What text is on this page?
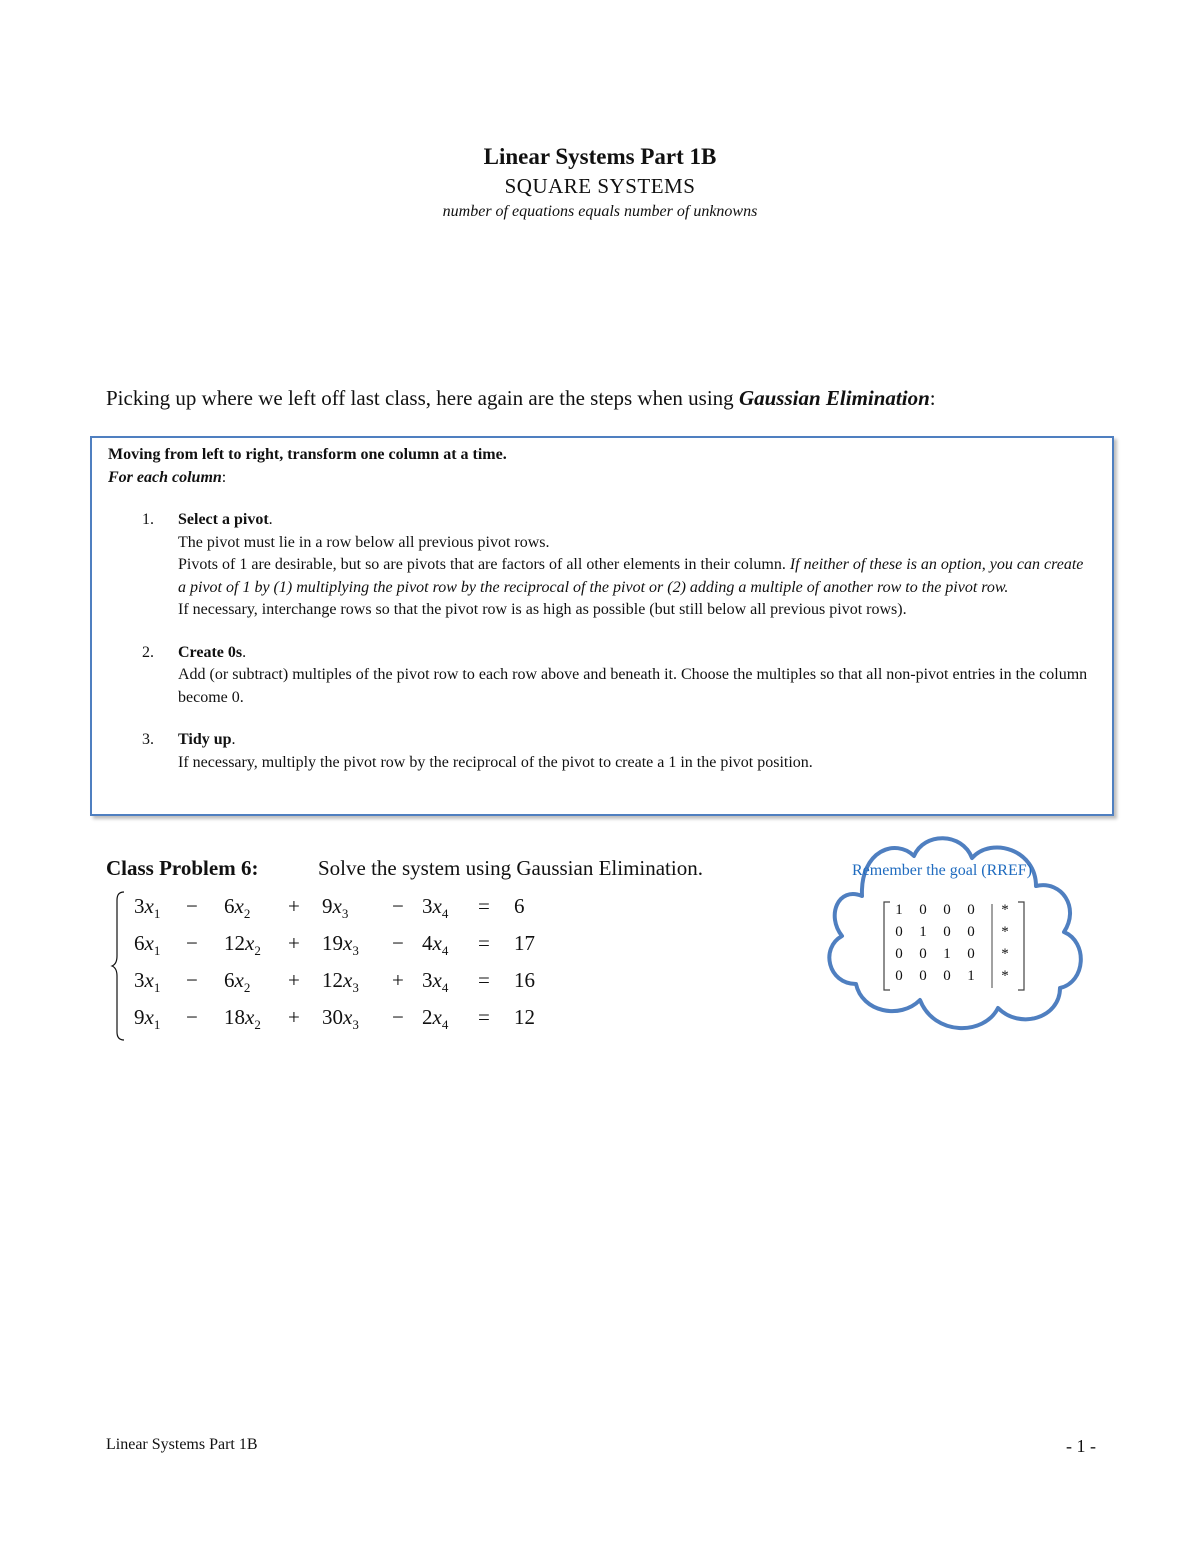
Linear Systems Part 1B
SQUARE SYSTEMS
number of equations equals number of unknowns
Picking up where we left off last class, here again are the steps when using Gaussian Elimination:
Moving from left to right, transform one column at a time.
For each column:
1. Select a pivot.

The pivot must lie in a row below all previous pivot rows.

Pivots of 1 are desirable, but so are pivots that are factors of all other elements in their column. If neither of these is an option, you can create a pivot of 1 by (1) multiplying the pivot row by the reciprocal of the pivot or (2) adding a multiple of another row to the pivot row.

If necessary, interchange rows so that the pivot row is as high as possible (but still below all previous pivot rows).

2. Create 0s.

Add (or subtract) multiples of the pivot row to each row above and beneath it. Choose the multiples so that all non-pivot entries in the column become 0.

3. Tidy up.

If necessary, multiply the pivot row by the reciprocal of the pivot to create a 1 in the pivot position.

Class Problem 6:	Solve the system using Gaussian Elimination.
$3x_1 - 6x_2 + 9x_3 - 3x_4 = 6$
$6x_1 - 12x_2 + 19x_3 - 4x_4 = 17$
$3x_1 - 6x_2 + 12x_3 + 3x_4 = 16$
$9x_1 - 18x_2 + 30x_3 - 2x_4 = 12$
Remember the goal (RREF)
1	0	0	0	*
0	1	0	0	*
0	0	1	0	*
0	0	0	1	*
Linear Systems Part 1B	- 1 -
